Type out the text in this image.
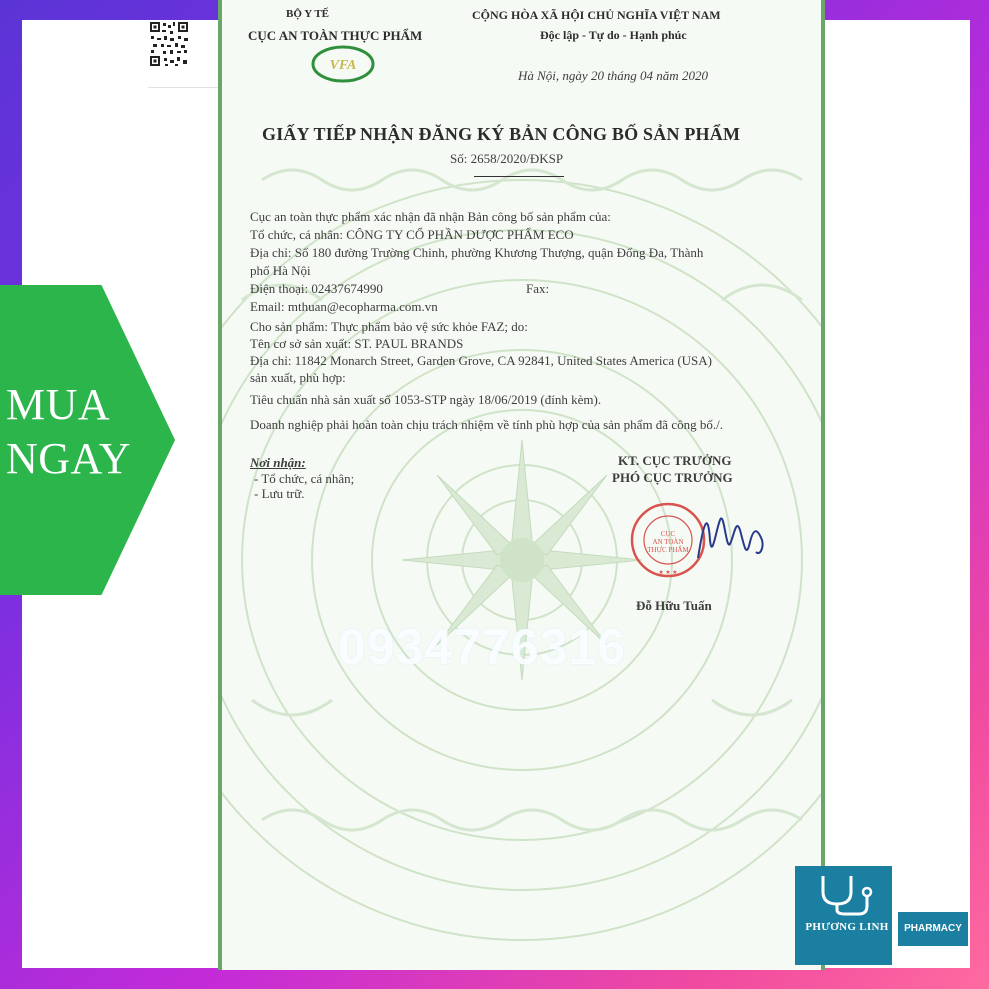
MUA
NGAY
BỘ Y TẾ
CỤC AN TOÀN THỰC PHẨM
VFA
CỘNG HÒA XÃ HỘI CHỦ NGHĨA VIỆT NAM
Độc lập - Tự do - Hạnh phúc
Hà Nội, ngày 20 tháng 04 năm 2020
GIẤY TIẾP NHẬN ĐĂNG KÝ BẢN CÔNG BỐ SẢN PHẨM
Số: 2658/2020/ĐKSP
Cục an toàn thực phẩm xác nhận đã nhận Bản công bố sản phẩm của:
Tổ chức, cá nhân: CÔNG TY CỔ PHẦN DƯỢC PHẨM ECO
Địa chỉ: Số 180 đường Trường Chinh, phường Khương Thượng, quận Đống Đa, Thành
phố Hà Nội
Điện thoại: 02437674990	Fax:
Email: mthuan@ecopharma.com.vn
Cho sản phẩm: Thực phẩm bảo vệ sức khỏe FAZ; do:
Tên cơ sở sản xuất: ST. PAUL BRANDS
Địa chỉ: 11842 Monarch Street, Garden Grove, CA 92841, United States America (USA)
sản xuất, phù hợp:
Tiêu chuẩn nhà sản xuất số 1053-STP ngày 18/06/2019 (đính kèm).
Doanh nghiệp phải hoàn toàn chịu trách nhiệm về tính phù hợp của sản phẩm đã công bố./.
Nơi nhận:
- Tổ chức, cá nhân;
- Lưu trữ.
KT. CỤC TRƯỞNG
PHÓ CỤC TRƯỞNG
Đỗ Hữu Tuấn
CỤC
AN TOÀN
THỰC PHẨM
★ ★ ★
0934776316
PHƯƠNG LINH	PHARMACY
